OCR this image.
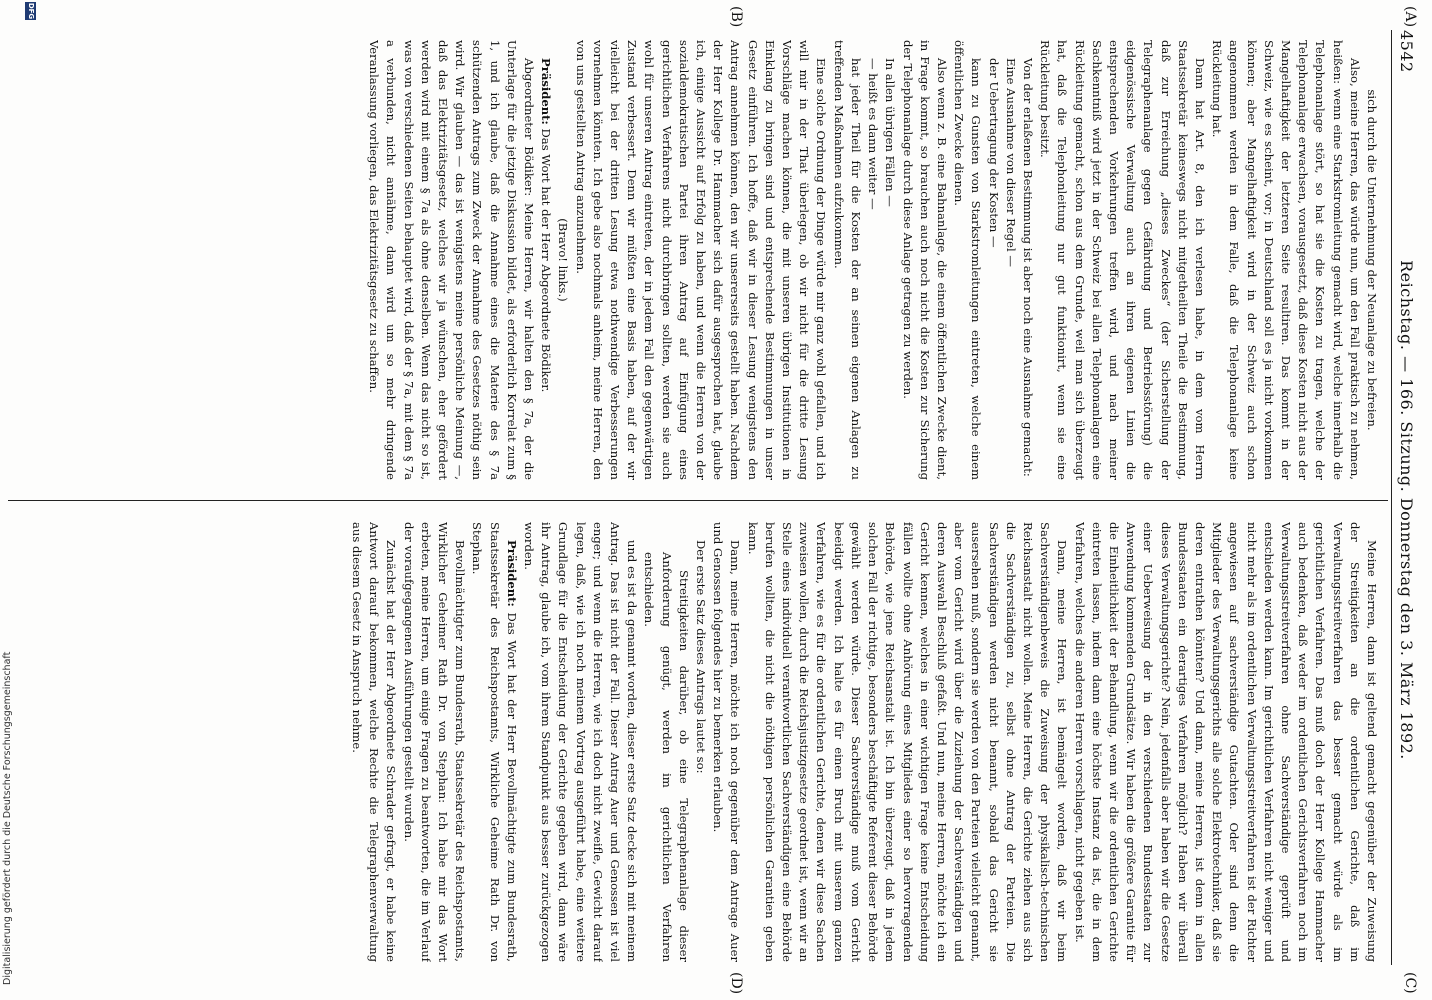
(A)
(B)
(C)
(D)
4542
Reichstag. — 166. Sitzung. Donnerstag den 3. März 1892.

sich durch die Unternehmung der Neuanlage zu befreien.

Also, meine Herren, das würde nun, um den Fall praktisch zu nehmen, heißen: wenn eine Starkstromleitung gemacht wird, welche innerhalb die Telephonanlage stört, so hat sie die Kosten zu tragen, welche der Telephonanlage erwachsen, vorausgesetzt, daß diese Kosten nicht aus der Mangelhaftigkeit der letzteren Seite resultiren. Das kommt in der Schweiz, wie es scheint, vor; in Deutschland soll es ja nicht vorkommen können; aber Mangelhaftigkeit wird in der Schweiz auch schon angenommen werden in dem Falle, daß die Telephonanlage keine Rückleitung hat.

Dann hat Art. 8, den ich verlesen habe, in dem vom Herrn Staatssekretär keineswegs nicht mitgetheilten Theile die Bestimmung, daß zur Erreichung „dieses Zweckes“ (der Sicherstellung der Telegraphenanlage gegen Gefährdung und Betriebsstörung) die eidgenössische Verwaltung auch an ihren eigenen Linien die entsprechenden Vorkehrungen treffen wird, und nach meiner Sachkenntniß wird jetzt in der Schweiz bei allen Telephonanlagen eine Rückleitung gemacht, schon aus dem Grunde, weil man sich überzeugt hat, daß die Telephonleitung nur gut funktionirt, wenn sie eine Rückleitung besitzt.

Von der erlaßenen Bestimmung ist aber noch eine Ausnahme gemacht:

Eine Ausnahme von dieser Regel —

der Uebertragung der Kosten —

kann zu Gunsten von Starkstromleitungen eintreten, welche einem öffentlichen Zwecke dienen.

Also wenn z. B. eine Bahnanlage, die einem öffentlichen Zwecke dient, in Frage kommt, so brauchen auch noch nicht die Kosten zur Sicherung der Telephonanlage durch diese Anlage getragen zu werden.

In allen übrigen Fällen —

— heißt es dann weiter —

hat jeder Theil für die Kosten der an seinen eigenen Anlagen zu treffenden Maßnahmen aufzukommen.

Eine solche Ordnung der Dinge würde mir ganz wohl gefallen, und ich will mir in der That überlegen, ob wir nicht für die dritte Lesung Vorschläge machen können, die mit unseren übrigen Institutionen in Einklang zu bringen sind und entsprechende Bestimmungen in unser Gesetz einführen. Ich hoffe, daß wir in dieser Lesung wenigstens den Antrag annehmen können, den wir unsererseits gestellt haben. Nachdem der Herr Kollege Dr. Hammacher sich dafür ausgesprochen hat, glaube ich, einige Aussicht auf Erfolg zu haben, und wenn die Herren von der sozialdemokratischen Partei ihren Antrag auf Einfügung eines gerichtlichen Verfahrens nicht durchbringen sollten, werden sie auch wohl für unseren Antrag eintreten, der in jedem Fall den gegenwärtigen Zustand verbessert. Denn wir müßten eine Basis haben, auf der wir vielleicht bei der dritten Lesung etwa nothwendige Verbesserungen vornehmen könnten. Ich gebe also nochmals anheim, meine Herren, den von uns gestellten Antrag anzunehmen.

(Bravo! links.)

Präsident: Das Wort hat der Herr Abgeordnete Bödiker.

Abgeordneter Bödiker: Meine Herren, wir halten den § 7a, der die Unterlage für die jetzige Diskussion bildet, als erforderlich Korrelat zum § 1, und ich glaube, daß die Annahme eines die Materie des § 7a schützenden Antrags zum Zweck der Annahme des Gesetzes nöthig sein wird. Wir glauben — das ist wenigstens meine persönliche Meinung —, daß das Elektrizitätsgesetz, welches wir ja wünschen, eher gefördert werden wird mit einem § 7a als ohne denselben. Wenn das nicht so ist, was von verschiedenen Seiten behauptet wird, daß der § 7a, mit dem § 7a a verbunden, nicht annähme, dann wird um so mehr dringende Veranlassung vorliegen, das Elektrizitätsgesetz zu schaffen.

Meine Herren, dann ist geltend gemacht gegenüber der Zuweisung der Streitigkeiten an die ordentlichen Gerichte, daß im Verwaltungsstreitverfahren das besser gemacht würde als im gerichtlichen Verfahren. Das muß doch der Herr Kollege Hammacher auch bedenken, daß weder im ordentlichen Gerichtsverfahren noch im Verwaltungsstreitverfahren ohne Sachverständige geprüft und entschieden werden kann. Im gerichtlichen Verfahren nicht weniger und nicht mehr als im ordentlichen Verwaltungsstreitverfahren ist der Richter angewiesen auf sachverständige Gutachten. Oder sind denn die Mitglieder des Verwaltungsgerichts alle solche Elektrotechniker, daß sie deren entrathen könnten? Und dann, meine Herren, ist denn in allen Bundesstaaten ein derartiges Verfahren möglich? Haben wir überall dieses Verwaltungsgerichte? Nein, jedenfalls aber haben wir die Gesetze einer Ueberweisung der in den verschiedenen Bundesstaaten zur Anwendung kommenden Grundsätze. Wir haben die größere Garantie für die Einheitlichkeit der Behandlung, wenn wir die ordentlichen Gerichte eintreten lassen, indem dann eine höchste Instanz da ist, die in dem Verfahren, welches die anderen Herren vorschlagen, nicht gegeben ist.

Dann, meine Herren, ist bemängelt worden, daß wir beim Sachverständigenbeweis die Zuweisung der physikalisch-technischen Reichsanstalt nicht wollen. Meine Herren, die Gerichte ziehen aus sich die Sachverständigen zu, selbst ohne Antrag der Parteien. Die Sachverständigen werden nicht benannt, sobald das Gericht sie ausersehen muß, sondern sie werden von den Parteien vielleicht genannt, aber vom Gericht wird über die Zuziehung der Sachverständigen und deren Auswahl Beschluß gefaßt. Und nun, meine Herren, möchte ich ein Gericht kennen, welches in einer wichtigen Frage keine Entscheidung fällen wollte ohne Anhörung eines Mitgliedes einer so hervorragenden Behörde, wie jene Reichsanstalt ist. Ich bin überzeugt, daß in jedem solchen Fall der richtige, besonders beschäftigte Referent dieser Behörde gewählt werden würde. Dieser Sachverständige muß vom Gericht beeidigt werden. Ich halte es für einen Bruch mit unserem ganzen Verfahren, wie es für die ordentlichen Gerichte, denen wir diese Sachen zuweisen wollen, durch die Reichsjustizgesetze geordnet ist, wenn wir an Stelle eines individuell verantwortlichen Sachverständigen eine Behörde berufen wollten, die nicht die nöthigen persönlichen Garantien geben kann.

Dann, meine Herren, möchte ich noch gegenüber dem Antrage Auer und Genossen folgendes hier zu bemerken erlauben.

Der erste Satz dieses Antrags lautet so:

Streitigkeiten darüber, ob eine Telegraphenanlage dieser Anforderung genügt, werden im gerichtlichen Verfahren entschieden.

und es ist da genannt worden, dieser erste Satz decke sich mit meinem Antrag. Das ist nicht der Fall. Dieser Antrag Auer und Genossen ist viel enger; und wenn die Herren, wie ich doch nicht zweifle, Gewicht darauf legen, daß, wie ich noch meinem Vortrag ausgeführt habe, eine weitere Grundlage für die Entscheidung der Gerichte gegeben wird, dann wäre ihr Antrag, glaube ich, vom ihrem Standpunkt aus besser zurückgezogen worden.

Präsident: Das Wort hat der Herr Bevollmächtigte zum Bundesrath, Staatssekretär des Reichspostamts, Wirkliche Geheime Rath Dr. von Stephan.

Bevollmächtigter zum Bundesrath, Staatssekretär des Reichspostamts, Wirklicher Geheimer Rath Dr. von Stephan: Ich habe mir das Wort erbeten, meine Herren, um einige Fragen zu beantworten, die im Verlauf der voraufgegangenen Ausführungen gestellt wurden.

Zunächst hat der Herr Abgeordnete Schrader gefragt, er habe keine Antwort darauf bekommen, welche Rechte die Telegraphenverwaltung aus diesem Gesetz in Anspruch nehme.

DFG
Digitalisierung gefördert durch die Deutsche Forschungsgemeinschaft
